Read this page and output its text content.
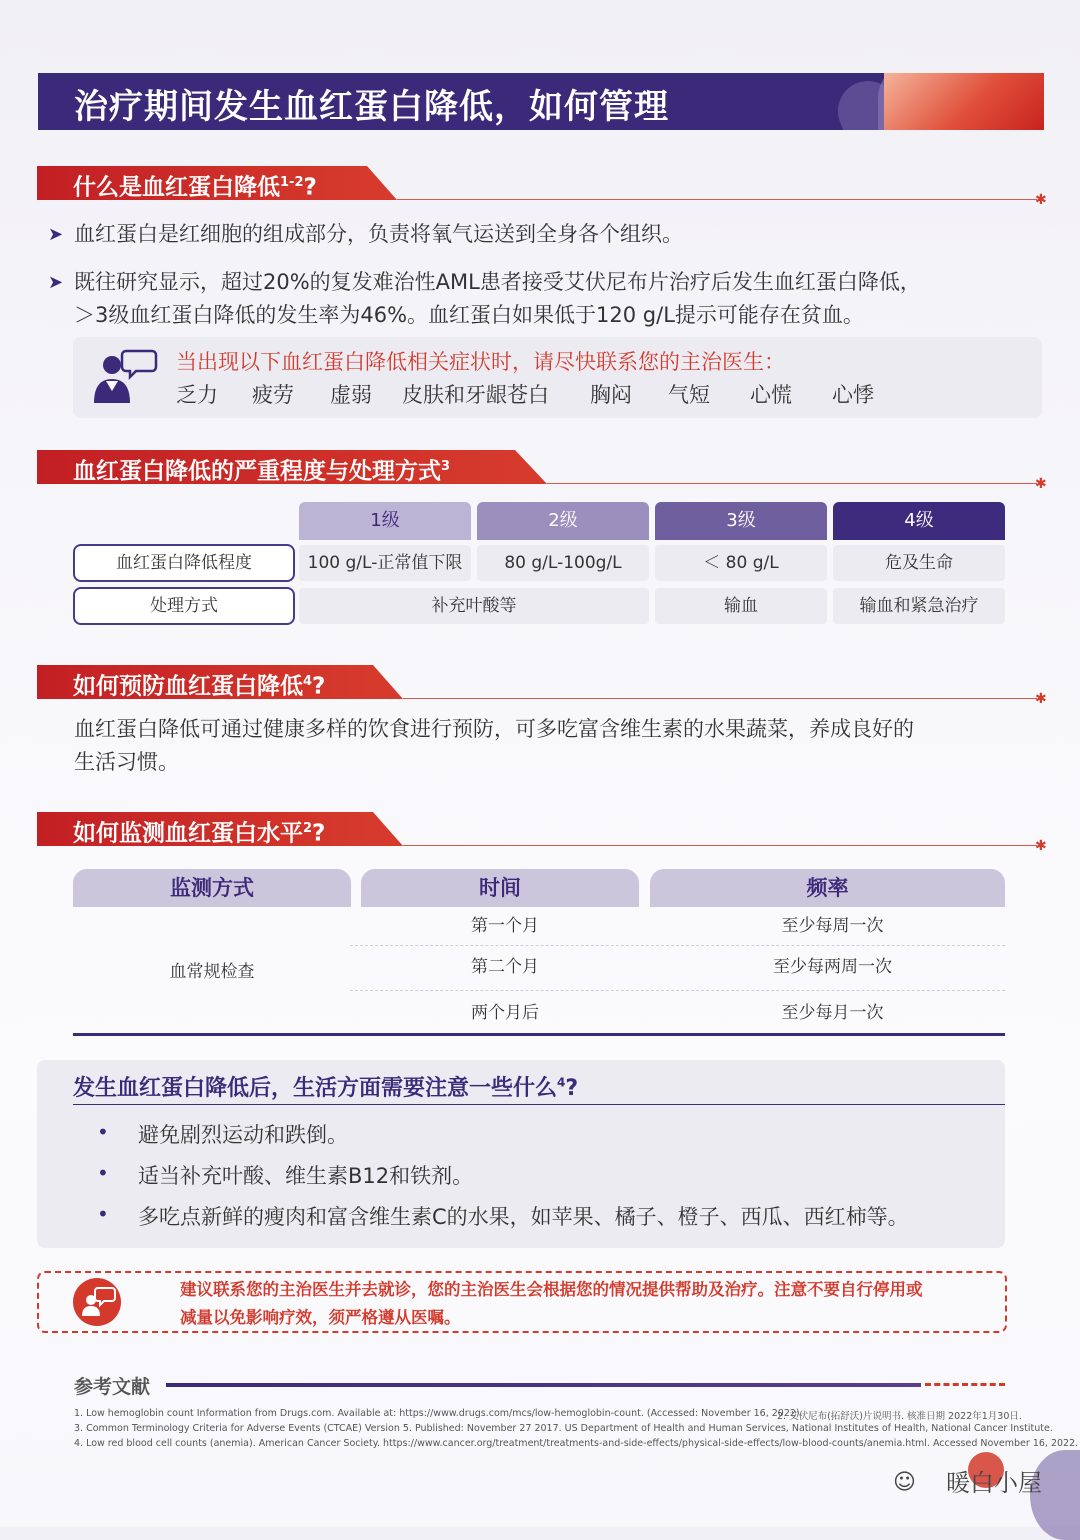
治疗期间发生血红蛋白降低，如何管理
什么是血红蛋白降低$^{1-2}$?	✱
➤ 血红蛋白是红细胞的组成部分，负责将氧气运送到全身各个组织。
➤ 既往研究显示，超过20%的复发难治性AML患者接受艾伏尼布片治疗后发生血红蛋白降低，
＞3级血红蛋白降低的发生率为46%。血红蛋白如果低于120 g/L提示可能存在贫血。
当出现以下血红蛋白降低相关症状时，请尽快联系您的主治医生：
乏力 疲劳 虚弱 皮肤和牙龈苍白 胸闷 气短 心慌 心悸
血红蛋白降低的严重程度与处理方式$^3$
✱
1级	2级	3级	4级
血红蛋白降低程度	100 g/L-正常值下限	80 g/L-100g/L	＜ 80 g/L	危及生命
处理方式	补充叶酸等	输血	输血和紧急治疗
如何预防血红蛋白降低$^4$?	✱
血红蛋白降低可通过健康多样的饮食进行预防，可多吃富含维生素的水果蔬菜，养成良好的
生活习惯。
如何监测血红蛋白水平$^2$?	✱
监测方式	时间	频率
血常规检查
第一个月	至少每周一次
第二个月	至少每两周一次
两个月后	至少每月一次
发生血红蛋白降低后，生活方面需要注意一些什么$^4$?
• 避免剧烈运动和跌倒。
• 适当补充叶酸、维生素B12和铁剂。
• 多吃点新鲜的瘦肉和富含维生素C的水果，如苹果、橘子、橙子、西瓜、西红柿等。
建议联系您的主治医生并去就诊，您的主治医生会根据您的情况提供帮助及治疗。注意不要自行停用或
减量以免影响疗效，须严格遵从医嘱。
参考文献
1. Low hemoglobin count Information from Drugs.com. Available at: https://www.drugs.com/mcs/low-hemoglobin-count. (Accessed: November 16, 2022).
2. 艾伏尼布(拓舒沃)片说明书. 核准日期 2022年1月30日.
3. Common Terminology Criteria for Adverse Events (CTCAE) Version 5. Published: November 27 2017. US Department of Health and Human Services, National Institutes of Health, National Cancer Institute.
4. Low red blood cell counts (anemia). American Cancer Society. https://www.cancer.org/treatment/treatments-and-side-effects/physical-side-effects/low-blood-counts/anemia.html. Accessed November 16, 2022.
☺ 暖白小屋
